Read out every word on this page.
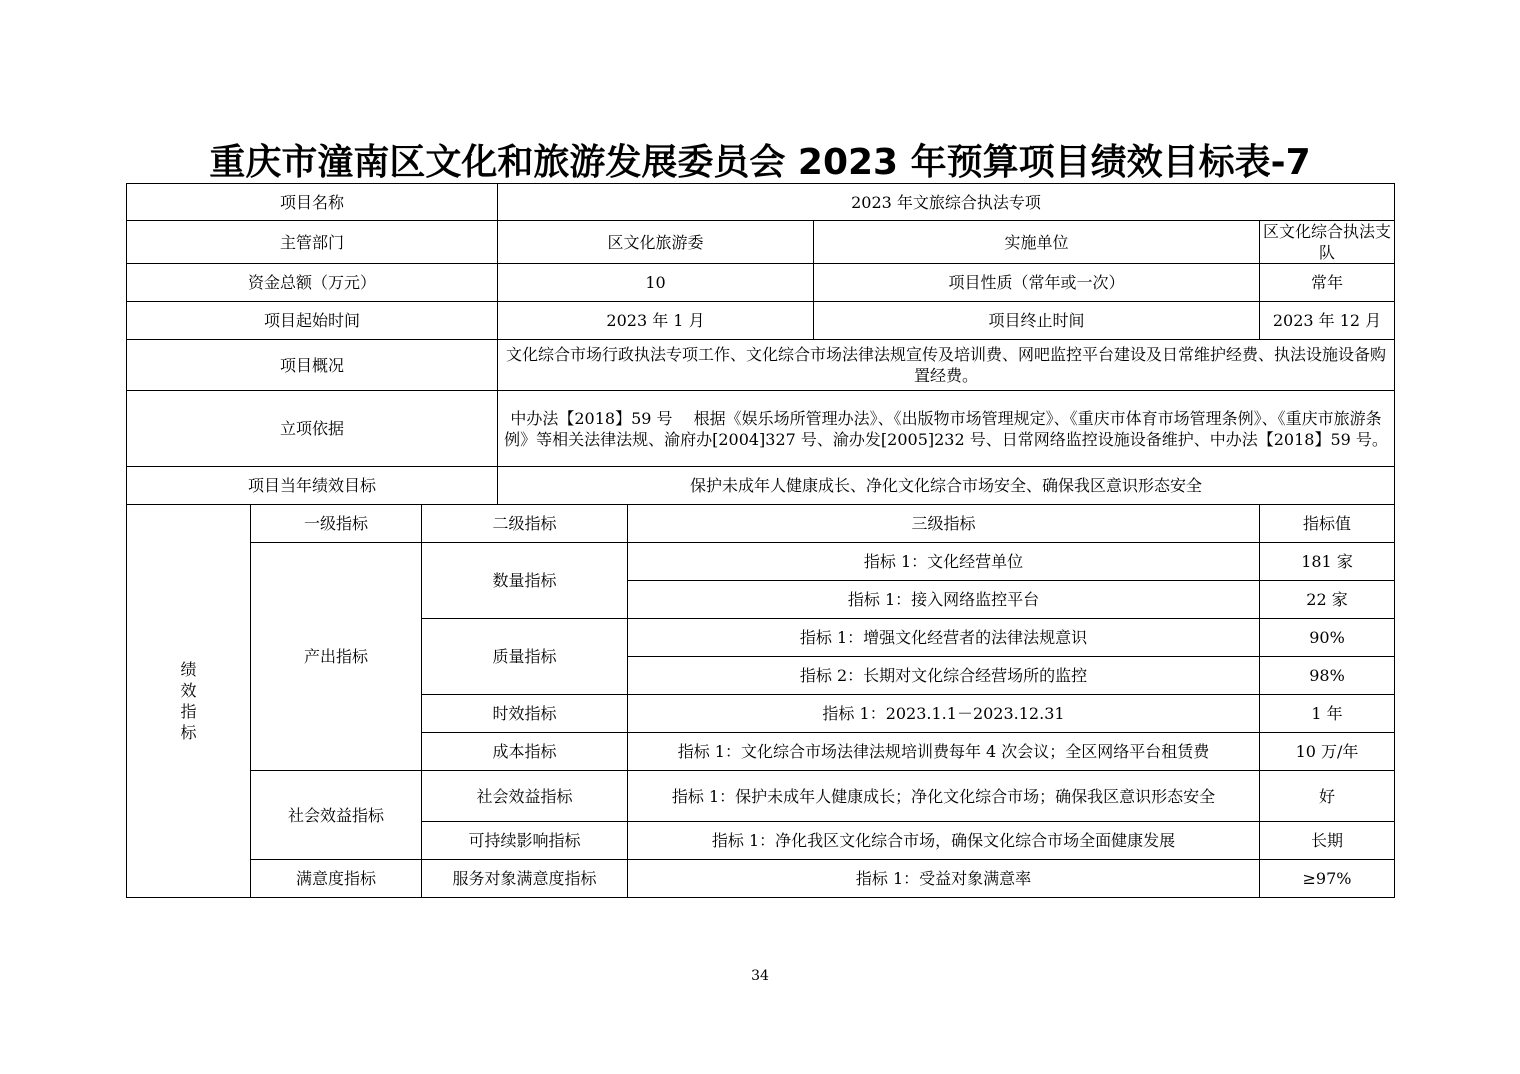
重庆市潼南区文化和旅游发展委员会 2023 年预算项目绩效目标表-7
项目名称			2023 年文旅综合执法专项			
主管部门			区文化旅游委		实施单位	区文化综合执法支队
资金总额（万元）			10		项目性质（常年或一次）	常年
项目起始时间			2023 年 1 月		项目终止时间	2023 年 12 月
项目概况			文化综合市场行政执法专项工作、文化综合市场法律法规宣传及培训费、网吧监控平台建设及日常维护经费、执法设施设备购置经费。			
立项依据			中办法【2018】59 号　 根据《娱乐场所管理办法》、《出版物市场管理规定》、《重庆市体育市场管理条例》、《重庆市旅游条例》等相关法律法规、渝府办[2004]327 号、渝办发[2005]232 号、日常网络监控设施设备维护、中办法【2018】59 号。			
项目当年绩效目标			保护未成年人健康成长、净化文化综合市场安全、确保我区意识形态安全			
绩
效
指
标	一级指标	二级指标		三级指标		指标值
	产出指标	数量指标		指标 1：文化经营单位		181 家
				指标 1：接入网络监控平台		22 家
		质量指标		指标 1：增强文化经营者的法律法规意识		90%
				指标 2：长期对文化综合经营场所的监控		98%
		时效指标		指标 1：2023.1.1－2023.12.31		1 年
		成本指标		指标 1：文化综合市场法律法规培训费每年 4 次会议；全区网络平台租赁费		10 万/年
	社会效益指标	社会效益指标		指标 1：保护未成年人健康成长；净化文化综合市场；确保我区意识形态安全		好
		可持续影响指标		指标 1：净化我区文化综合市场，确保文化综合市场全面健康发展		长期
	满意度指标	服务对象满意度指标		指标 1：受益对象满意率		≥97%
34
